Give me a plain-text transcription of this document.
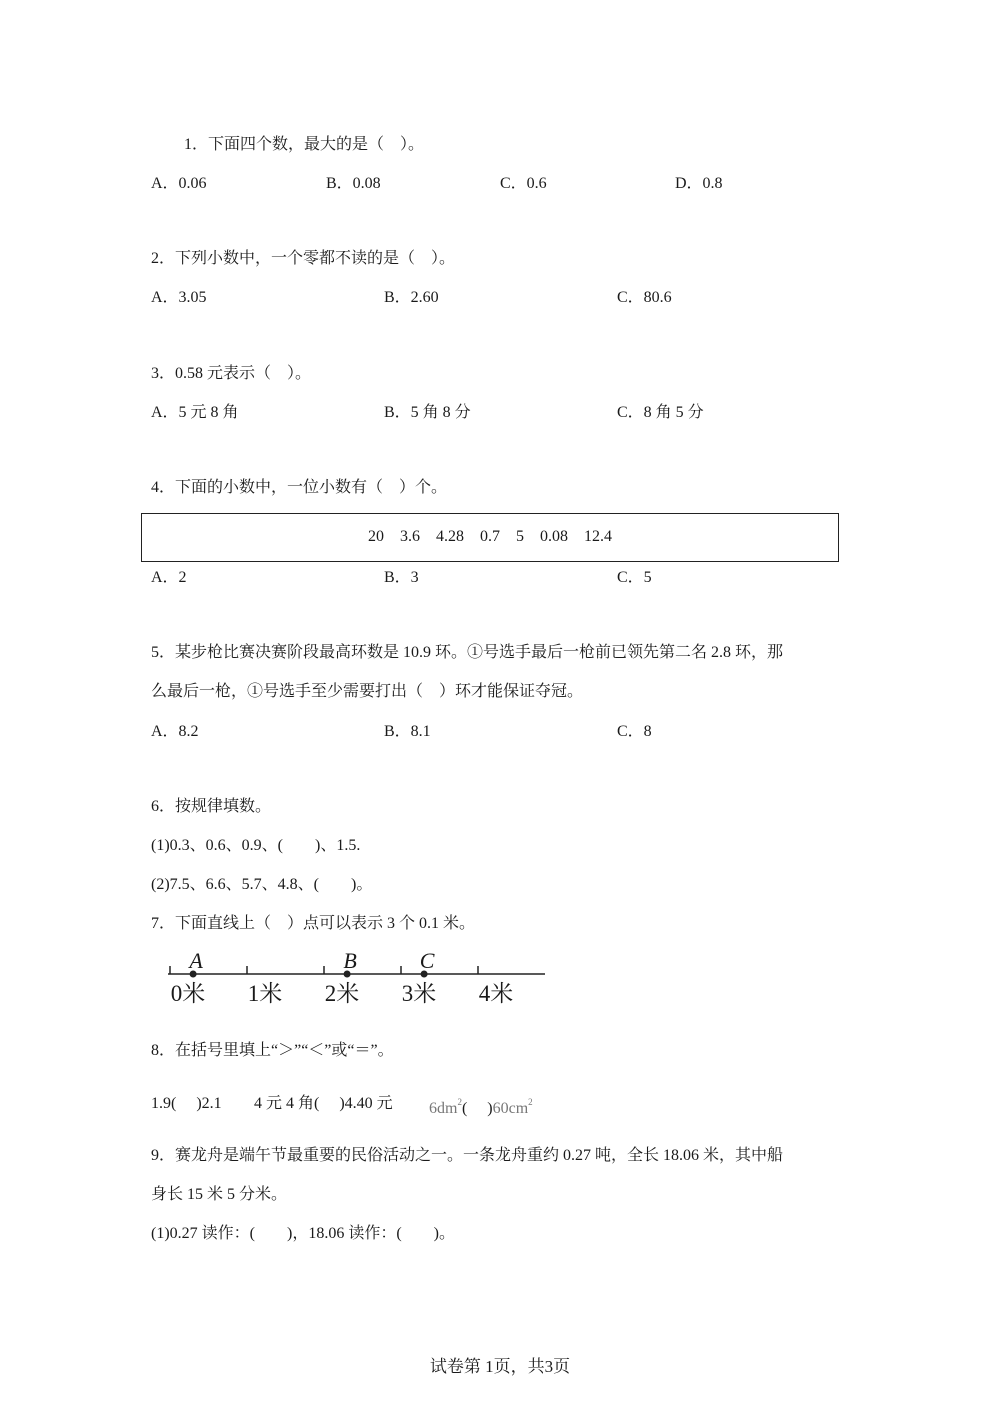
1．下面四个数，最大的是（　）。
A．0.06	B．0.08	C．0.6	D．0.8
2．下列小数中，一个零都不读的是（　）。
A．3.05	B．2.60	C．80.6
3．0.58 元表示（　）。
A．5 元 8 角	B．5 角 8 分	C．8 角 5 分
4．下面的小数中，一位小数有（　）个。
20    3.6    4.28    0.7    5    0.08    12.4
A．2	B．3	C．5
5．某步枪比赛决赛阶段最高环数是 10.9 环。①号选手最后一枪前已领先第二名 2.8 环，那
么最后一枪，①号选手至少需要打出（　）环才能保证夺冠。
A．8.2	B．8.1	C．8
6．按规律填数。
(1)0.3、0.6、0.9、(　　)、1.5.
(2)7.5、6.6、5.7、4.8、(　　)。
7．下面直线上（　）点可以表示 3 个 0.1 米。
0米 1米 2米 3米 4米
A	B	C
8．在括号里填上“＞”“＜”或“＝”。
1.9(　 )2.1 4 元 4 角(　 )4.40 元 $6dm^2$(　 )$60cm^2$
9．赛龙舟是端午节最重要的民俗活动之一。一条龙舟重约 0.27 吨，全长 18.06 米，其中船
身长 15 米 5 分米。
(1)0.27 读作：(　　)，18.06 读作：(　　)。
试卷第 1页，共3页
